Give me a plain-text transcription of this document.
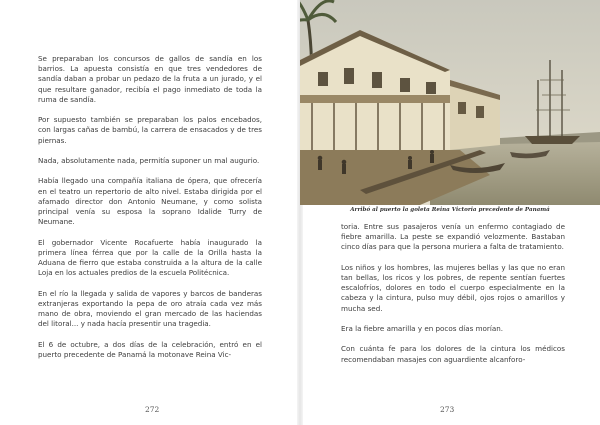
Se preparaban los concursos de gallos de sandía en los barrios. La apuesta consistía en que tres vendedores de sandía daban a probar un pedazo de la fruta a un jurado, y el que resultare ganador, recibía el pago inmediato de toda la ruma de sandía.

Por supuesto también se preparaban los palos encebados, con largas cañas de bambú, la carrera de ensacados y de tres piernas.

Nada, absolutamente nada, permitía suponer un mal augurio.

Había llegado una compañía italiana de ópera, que ofrecería en el teatro un repertorio de alto nivel. Estaba dirigida por el afamado director don Antonio Neumane, y como solista principal venía su esposa la soprano Idalide Turry de Neumane.

El gobernador Vicente Rocafuerte había inaugurado la primera línea férrea que por la calle de la Orilla hasta la Aduana de fierro que estaba construida a la altura de la calle Loja en los actuales predios de la escuela Politécnica.

En el río la llegada y salida de vapores y barcos de banderas extranjeras exportando la pepa de oro atraía cada vez más mano de obra, moviendo el gran mercado de las haciendas del litoral... y nada hacía presentir una tragedia.

El 6 de octubre, a dos días de la celebración, entró en el puerto precedente de Panamá la motonave Reina Vic-

272
Arribó al puerto la goleta Reina Victoria precedente de Panamá

toria. Entre sus pasajeros venía un enfermo contagiado de fiebre amarilla. La peste se expandió velozmente. Bastaban cinco días para que la persona muriera a falta de tratamiento.

Los niños y los hombres, las mujeres bellas y las que no eran tan bellas, los ricos y los pobres, de repente sentían fuertes escalofríos, dolores en todo el cuerpo especialmente en la cabeza y la cintura, pulso muy débil, ojos rojos o amarillos y mucha sed.

Era la fiebre amarilla y en pocos días morían.

Con cuánta fe para los dolores de la cintura los médicos recomendaban masajes con aguardiente alcanforo-

273
